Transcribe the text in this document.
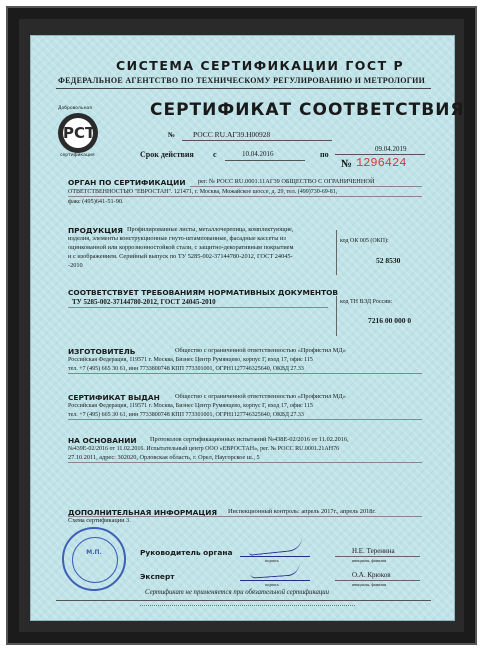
СИСТЕМА СЕРТИФИКАЦИИ ГОСТ Р
ФЕДЕРАЛЬНОЕ АГЕНТСТВО ПО ТЕХНИЧЕСКОМУ РЕГУЛИРОВАНИЮ И МЕТРОЛОГИИ
РСТ
Добровольная
сертификация
СЕРТИФИКАТ СООТВЕТСТВИЯ
№ РОСС RU.АГ39.Н00928
Срок действия с	10.04.2016	по
09.04.2019
№ 1296424
ОРГАН ПО СЕРТИФИКАЦИИ рег. № РОСС RU.0001.11АГ39 ОБЩЕСТВО С ОГРАНИЧЕННОЙ
ОТВЕТСТВЕННОСТЬЮ "ЕВРОСТАН". 121471, г. Москва, Можайское шоссе, д. 29, тел. (499)730-69-81,
факс (495)641-51-90.
ПРОДУКЦИЯ Профилированные листы, металлочерепица, комплектующие,
изделия, элементы конструкционные гнуто-штампованные, фасадные кассеты из
оцинкованной или коррозионностойкой стали, с защитно-декоративным покрытием
и с изображением. Серийный выпуск по ТУ 5285-002-37144780-2012, ГОСТ 24045-
-2010
код ОК 005 (ОКП):
52 8530
СООТВЕТСТВУЕТ ТРЕБОВАНИЯМ НОРМАТИВНЫХ ДОКУМЕНТОВ
ТУ 5285-002-37144780-2012, ГОСТ 24045-2010	код ТН ВЭД России:
7216 00 000 0
ИЗГОТОВИТЕЛЬ	Общество с ограниченной ответственностью «Профистил МД»
Российская Федерация, 119571 г. Москва, Бизнес Центр Румянцево, корпус Г, вход 17, офис 115
тел. +7 (495) 665 30 61, инн 7733800748 КПП 773301001, ОГРН1127746325640, ОКВД 27.33
СЕРТИФИКАТ ВЫДАН Общество с ограниченной ответственностью «Профистил МД»
Российская Федерация, 119571 г. Москва, Бизнес Центр Румянцево, корпус Г, вход 17, офис 115
тел. +7 (495) 665 30 61, инн 7733800748 КПП 773301001, ОГРН1127746325640, ОКВД 27.33
НА ОСНОВАНИИ Протоколов сертификационных испытаний №438Е-02/2016 от 11.02.2016,
№439Е-02/2016 от 11.02.2016. Испытательный центр ООО «ЕВРОСТАН», рег. № РОСС RU.0001.21АН76
27.10.2011, адрес: 302020, Орловская область, г. Орел, Наугорское ш., 5
ДОПОЛНИТЕЛЬНАЯ ИНФОРМАЦИЯ Инспекционный контроль: апрель 2017г., апрель 2018г.
Схема сертификации 3.
М.П.	Руководитель органа	Н.Е. Теренина
подпись	инициалы, фамилия
Эксперт	О.А. Крюков
подпись	инициалы, фамилия
Сертификат не применяется при обязательной сертификации
